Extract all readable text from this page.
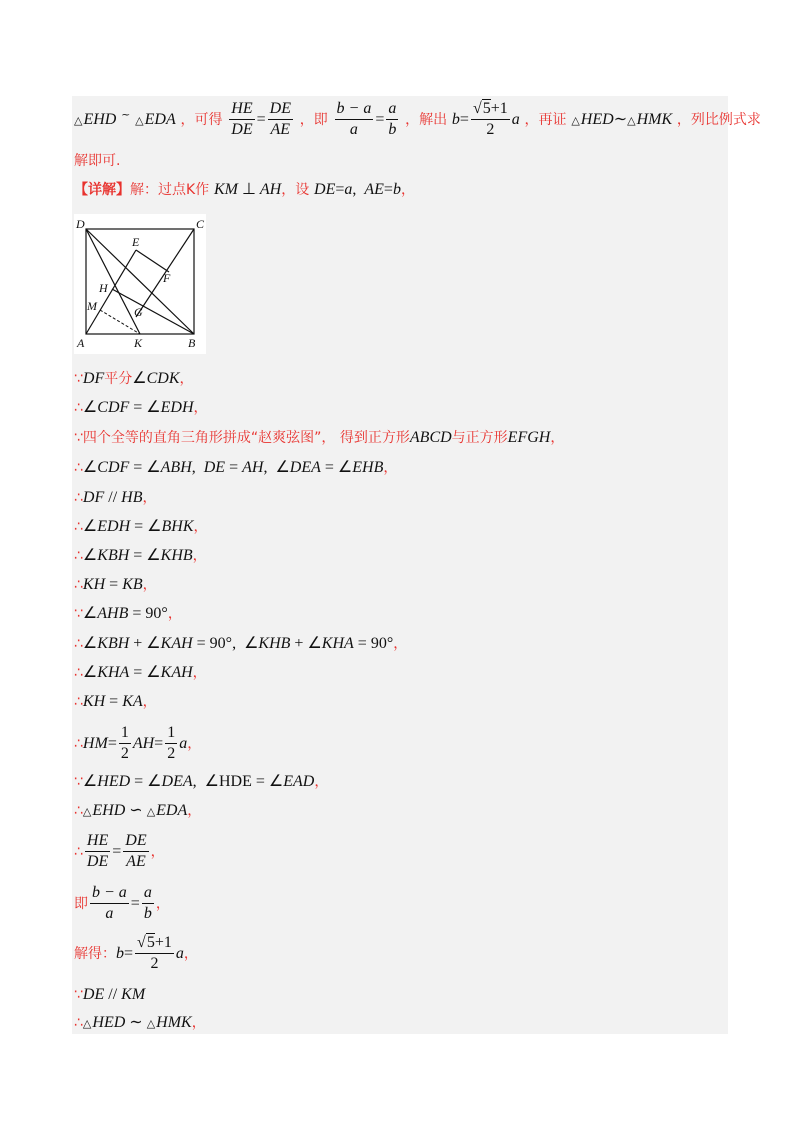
△EHD ~ △EDA ，可得 $\frac{HE}{DE} = \frac{DE}{AE}$ ，即 $\frac{b - a}{a} = \frac{a}{b}$ ，解出 $b= \frac{√5+1}{2}$ a ，再证 △HED∼△HMK ，列比例式求
解即可.
【详解】解：过点K作 KM ⊥ AH，设 DE=a,  AE=b，
D	C
E
F
H
M	G
A	K	B
∵DF平分∠CDK，
∴∠CDF = ∠EDH，
∵四个全等的直角三角形拼成“赵爽弦图”， 得到正方形ABCD与正方形EFGH，
∴∠CDF = ∠ABH,  DE = AH,  ∠DEA = ∠EHB，
∴DF // HB，
∴∠EDH = ∠BHK，
∴∠KBH = ∠KHB，
∴KH = KB，
∵∠AHB = 90°，
∴∠KBH + ∠KAH = 90°,  ∠KHB + ∠KHA = 90°，
∴∠KHA = ∠KAH，
∴KH = KA，
∴HM= $\frac{1}{2} AH= \frac{1}{2}$ a，
∵∠HED = ∠DEA,  ∠HDE = ∠EAD，
∴△EHD ∽ △EDA，
∴ $\frac{HE}{DE} = \frac{DE}{AE}$ ，
即 $\frac{b - a}{a} = \frac{a}{b}$ ，
解得：$b= \frac{√5+1}{2}$ a，
∵DE // KM
∴△HED ∼ △HMK，
